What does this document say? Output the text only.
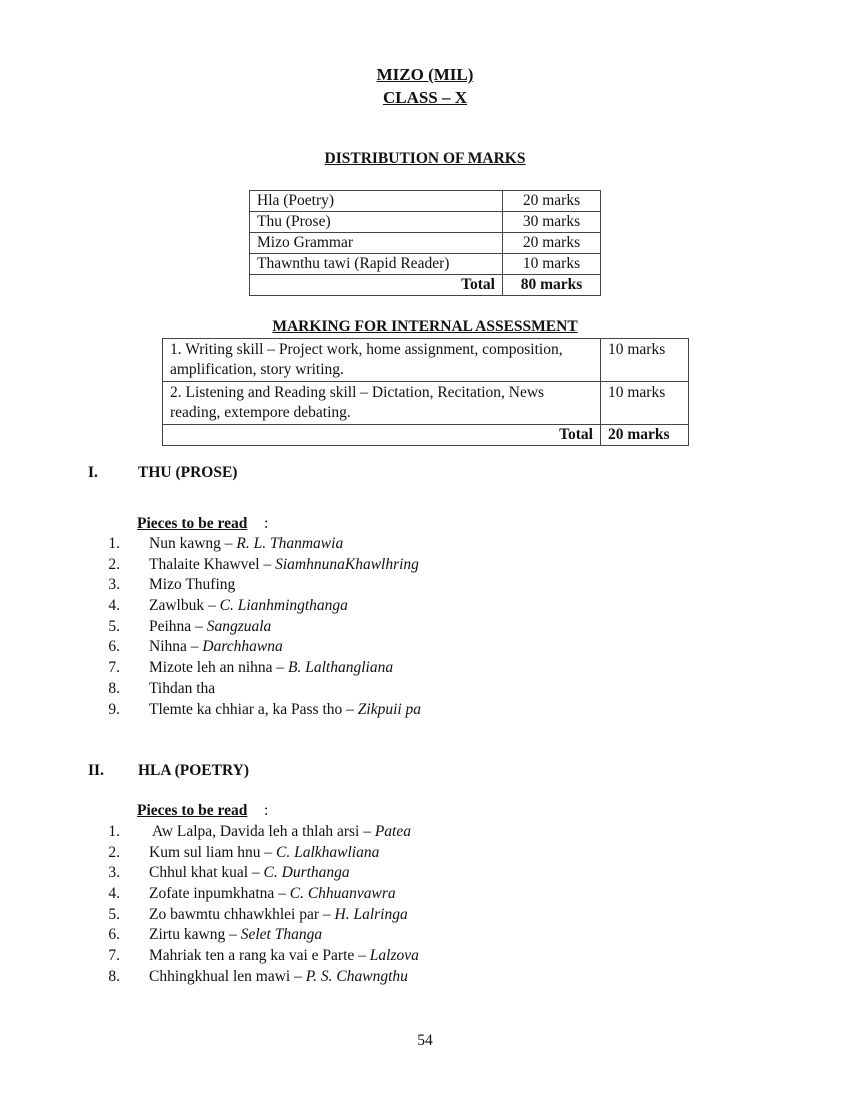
MIZO (MIL)
CLASS – X
DISTRIBUTION OF MARKS
Hla (Poetry)	20 marks
Thu (Prose)	30 marks
Mizo Grammar	20 marks
Thawnthu tawi (Rapid Reader)	10 marks
Total	80 marks
MARKING FOR INTERNAL ASSESSMENT
1. Writing skill – Project work, home assignment, composition, amplification, story writing.	10 marks
2. Listening and Reading skill – Dictation, Recitation, News reading, extempore debating.	10 marks
Total	20 marks
I.	THU (PROSE)
Pieces to be read :
1. Nun kawng – R. L. Thanmawia
2. Thalaite Khawvel – SiamhnunaKhawlhring
3. Mizo Thufing
4. Zawlbuk – C. Lianhmingthanga
5. Peihna – Sangzuala
6. Nihna – Darchhawna
7. Mizote leh an nihna – B. Lalthangliana
8. Tihdan tha
9. Tlemte ka chhiar a, ka Pass tho – Zikpuii pa
II. HLA (POETRY)
Pieces to be read :
1. Aw Lalpa, Davida leh a thlah arsi – Patea
2. Kum sul liam hnu – C. Lalkhawliana
3. Chhul khat kual – C. Durthanga
4. Zofate inpumkhatna – C. Chhuanvawra
5. Zo bawmtu chhawkhlei par – H. Lalringa
6. Zirtu kawng – Selet Thanga
7. Mahriak ten a rang ka vai e Parte – Lalzova
8. Chhingkhual len mawi – P. S. Chawngthu
54
